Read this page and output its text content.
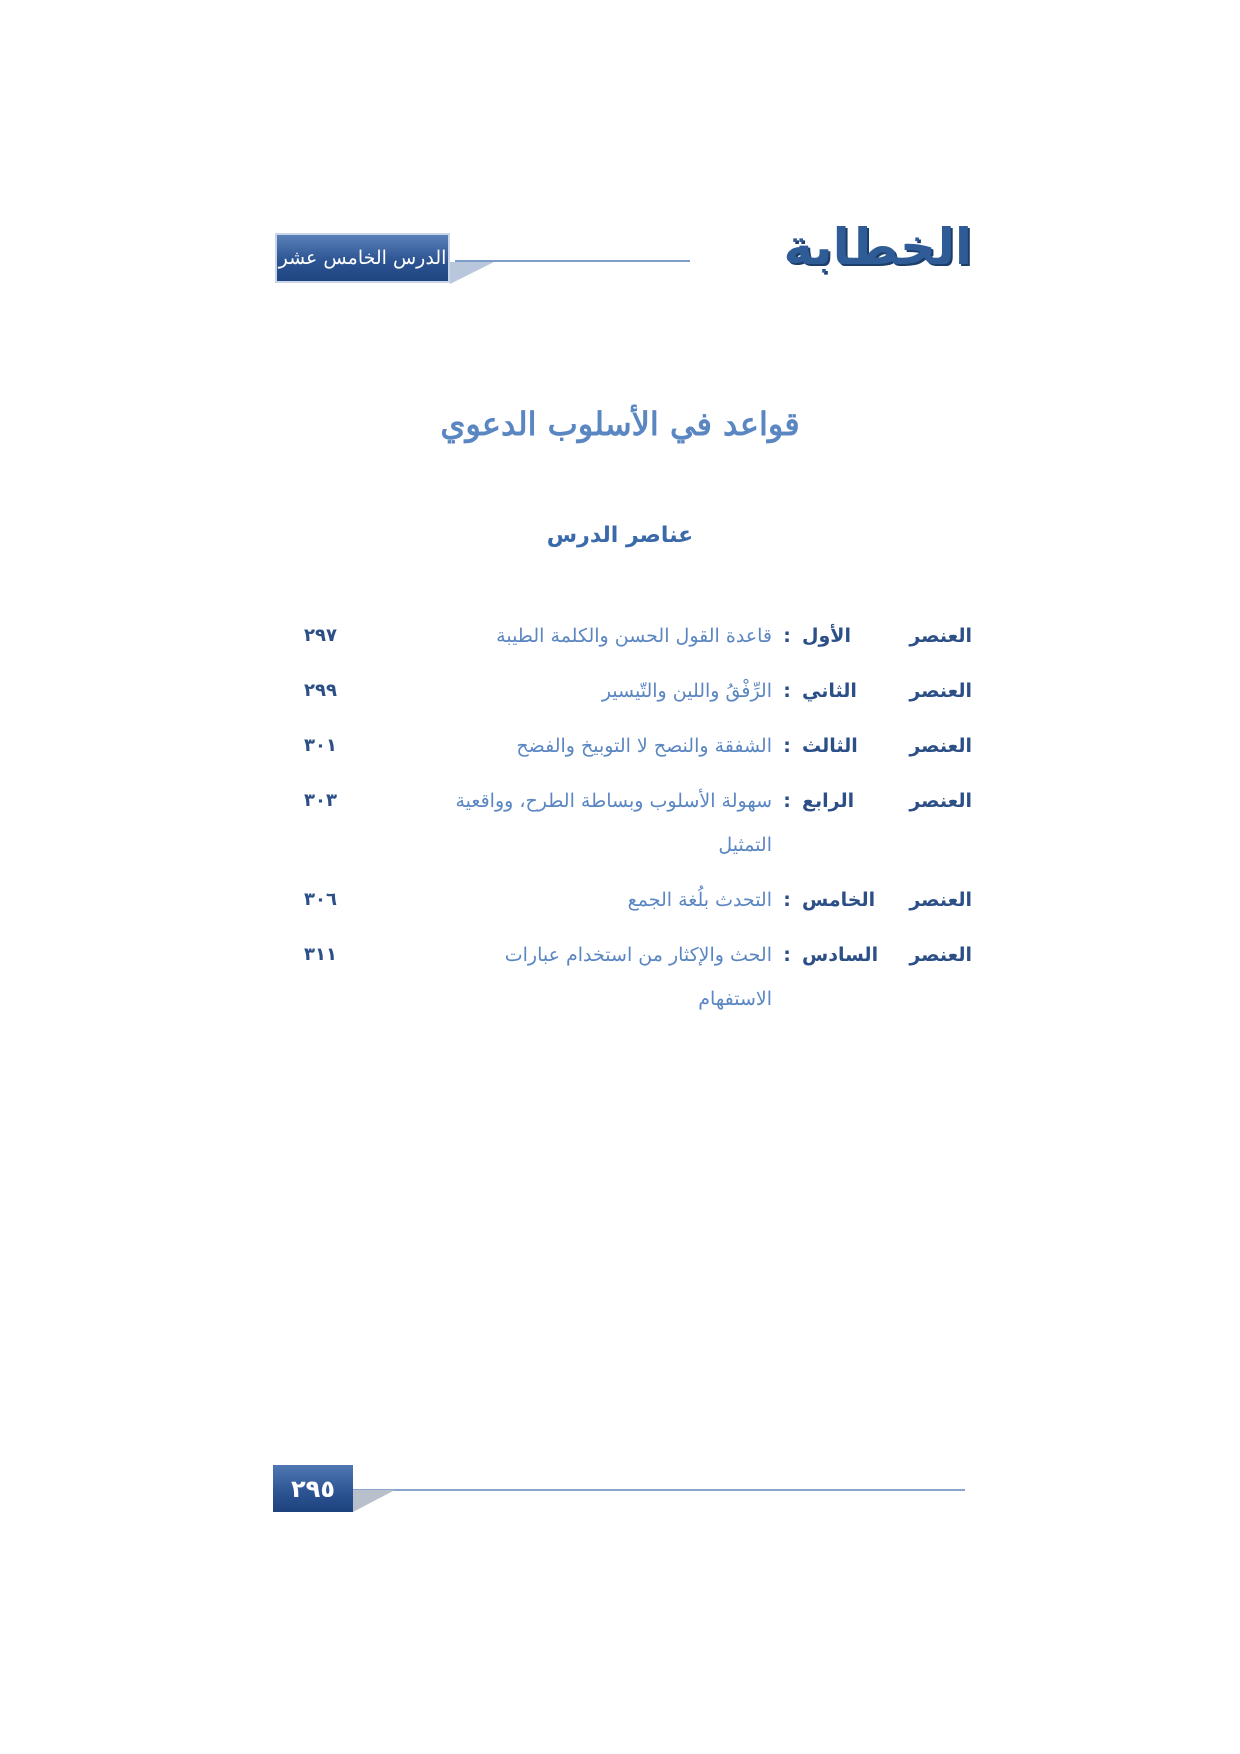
الخطابة
الدرس الخامس عشر
قواعد في الأسلوب الدعوي
عناصر الدرس
العنصر الأول
:
قاعدة القول الحسن والكلمة الطيبة
٢٩٧
العنصر الثاني
:
الرِّفْقُ واللين والتّيسير
٢٩٩
العنصر الثالث
:
الشفقة والنصح لا التوبيخ والفضح
٣٠١
العنصر الرابع
:
سهولة الأسلوب وبساطة الطرح، وواقعية التمثيل
٣٠٣
العنصر الخامس
:
التحدث بلُغة الجمع
٣٠٦
العنصر السادس
:
الحث والإكثار من استخدام عبارات الاستفهام
٣١١
٢٩٥
